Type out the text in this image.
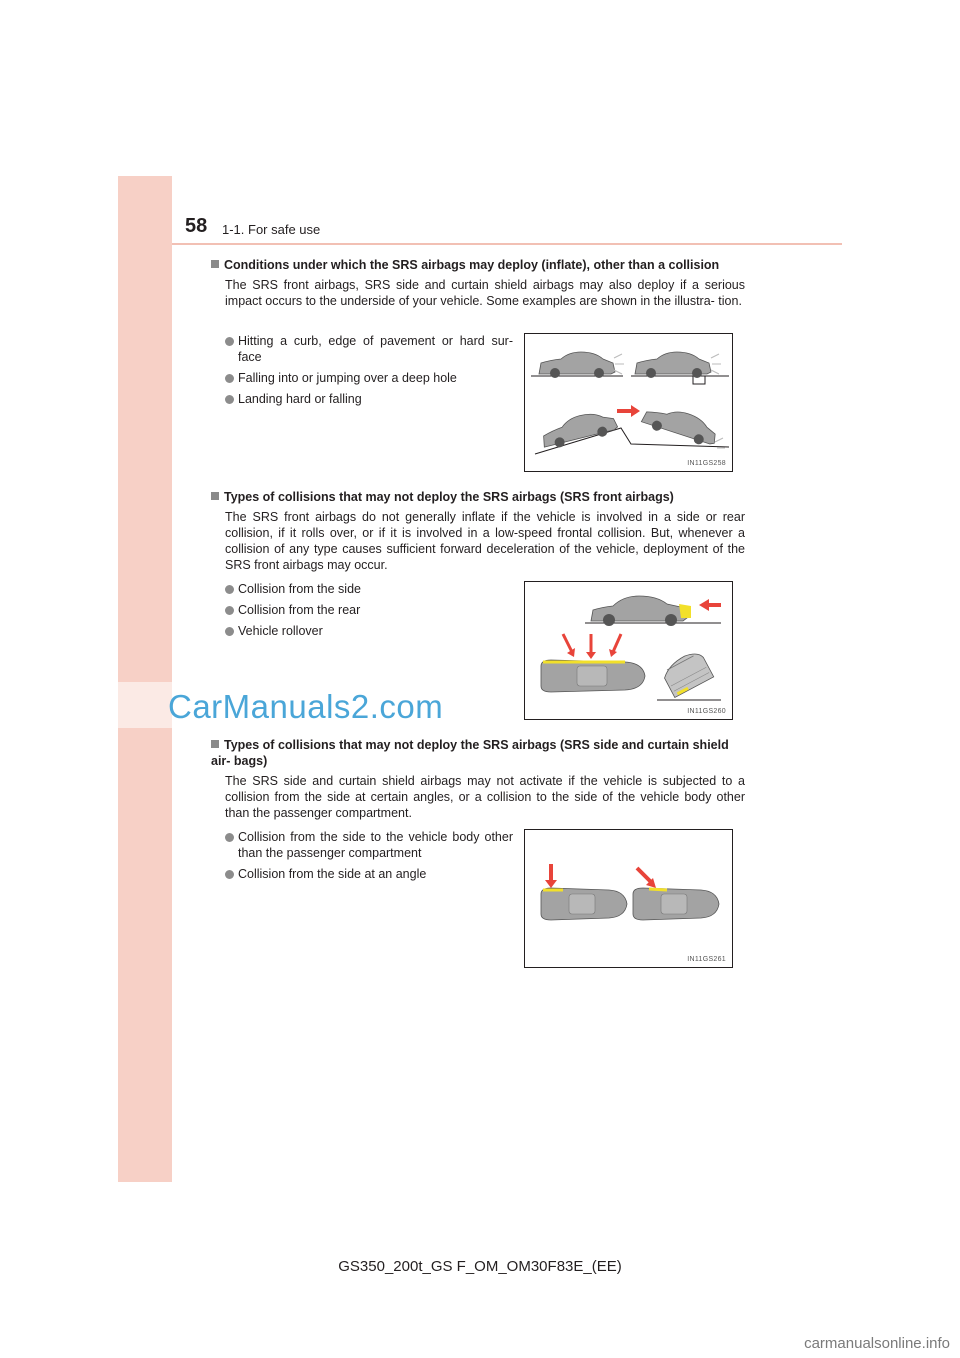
58 1-1. For safe use
Conditions under which the SRS airbags may deploy (inflate), other than a collision
The SRS front airbags, SRS side and curtain shield airbags may also deploy if a serious impact occurs to the underside of your vehicle. Some examples are shown in the illustra- tion.
Hitting a curb, edge of pavement or hard sur- face
Falling into or jumping over a deep hole
Landing hard or falling
IN11GS258
Types of collisions that may not deploy the SRS airbags (SRS front airbags)
The SRS front airbags do not generally inflate if the vehicle is involved in a side or rear collision, if it rolls over, or if it is involved in a low-speed frontal collision. But, whenever a collision of any type causes sufficient forward deceleration of the vehicle, deployment of the SRS front airbags may occur.
Collision from the side
Collision from the rear
Vehicle rollover
IN11GS260
Types of collisions that may not deploy the SRS airbags (SRS side and curtain shield air- bags)
The SRS side and curtain shield airbags may not activate if the vehicle is subjected to a collision from the side at certain angles, or a collision to the side of the vehicle body other than the passenger compartment.
Collision from the side to the vehicle body other than the passenger compartment
Collision from the side at an angle
IN11GS261
CarManuals2.com
GS350_200t_GS F_OM_OM30F83E_(EE)
carmanualsonline.info
